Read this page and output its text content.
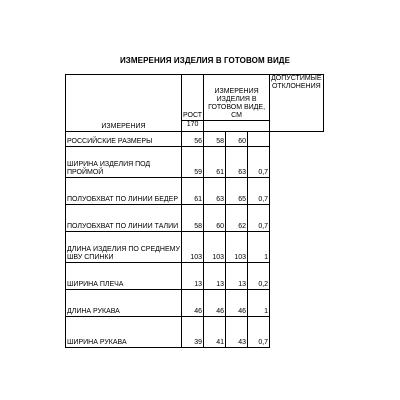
ИЗМЕРЕНИЯ ИЗДЕЛИЯ В ГОТОВОМ ВИДЕ
ИЗМЕРЕНИЯ	РОСТ	ИЗМЕРЕНИЯ ИЗДЕЛИЯ В ГОТОВОМ ВИДЕ, СМ			ДОПУСТИМЫЕ ОТКЛОНЕНИЯ
	170				
РОССИЙСКИЕ РАЗМЕРЫ	56	58	60		
ШИРИНА ИЗДЕЛИЯ ПОД ПРОЙМОЙ	59	61	63	0,7	
ПОЛУОБХВАТ ПО ЛИНИИ БЕДЕР	61	63	65	0,7	
ПОЛУОБХВАТ ПО ЛИНИИ ТАЛИИ	58	60	62	0,7	
ДЛИНА ИЗДЕЛИЯ ПО СРЕДНЕМУ ШВУ СПИНКИ	103	103	103	1	
ШИРИНА ПЛЕЧА	13	13	13	0,2	
ДЛИНА РУКАВА	46	46	46	1	
ШИРИНА РУКАВА	39	41	43	0,7	
